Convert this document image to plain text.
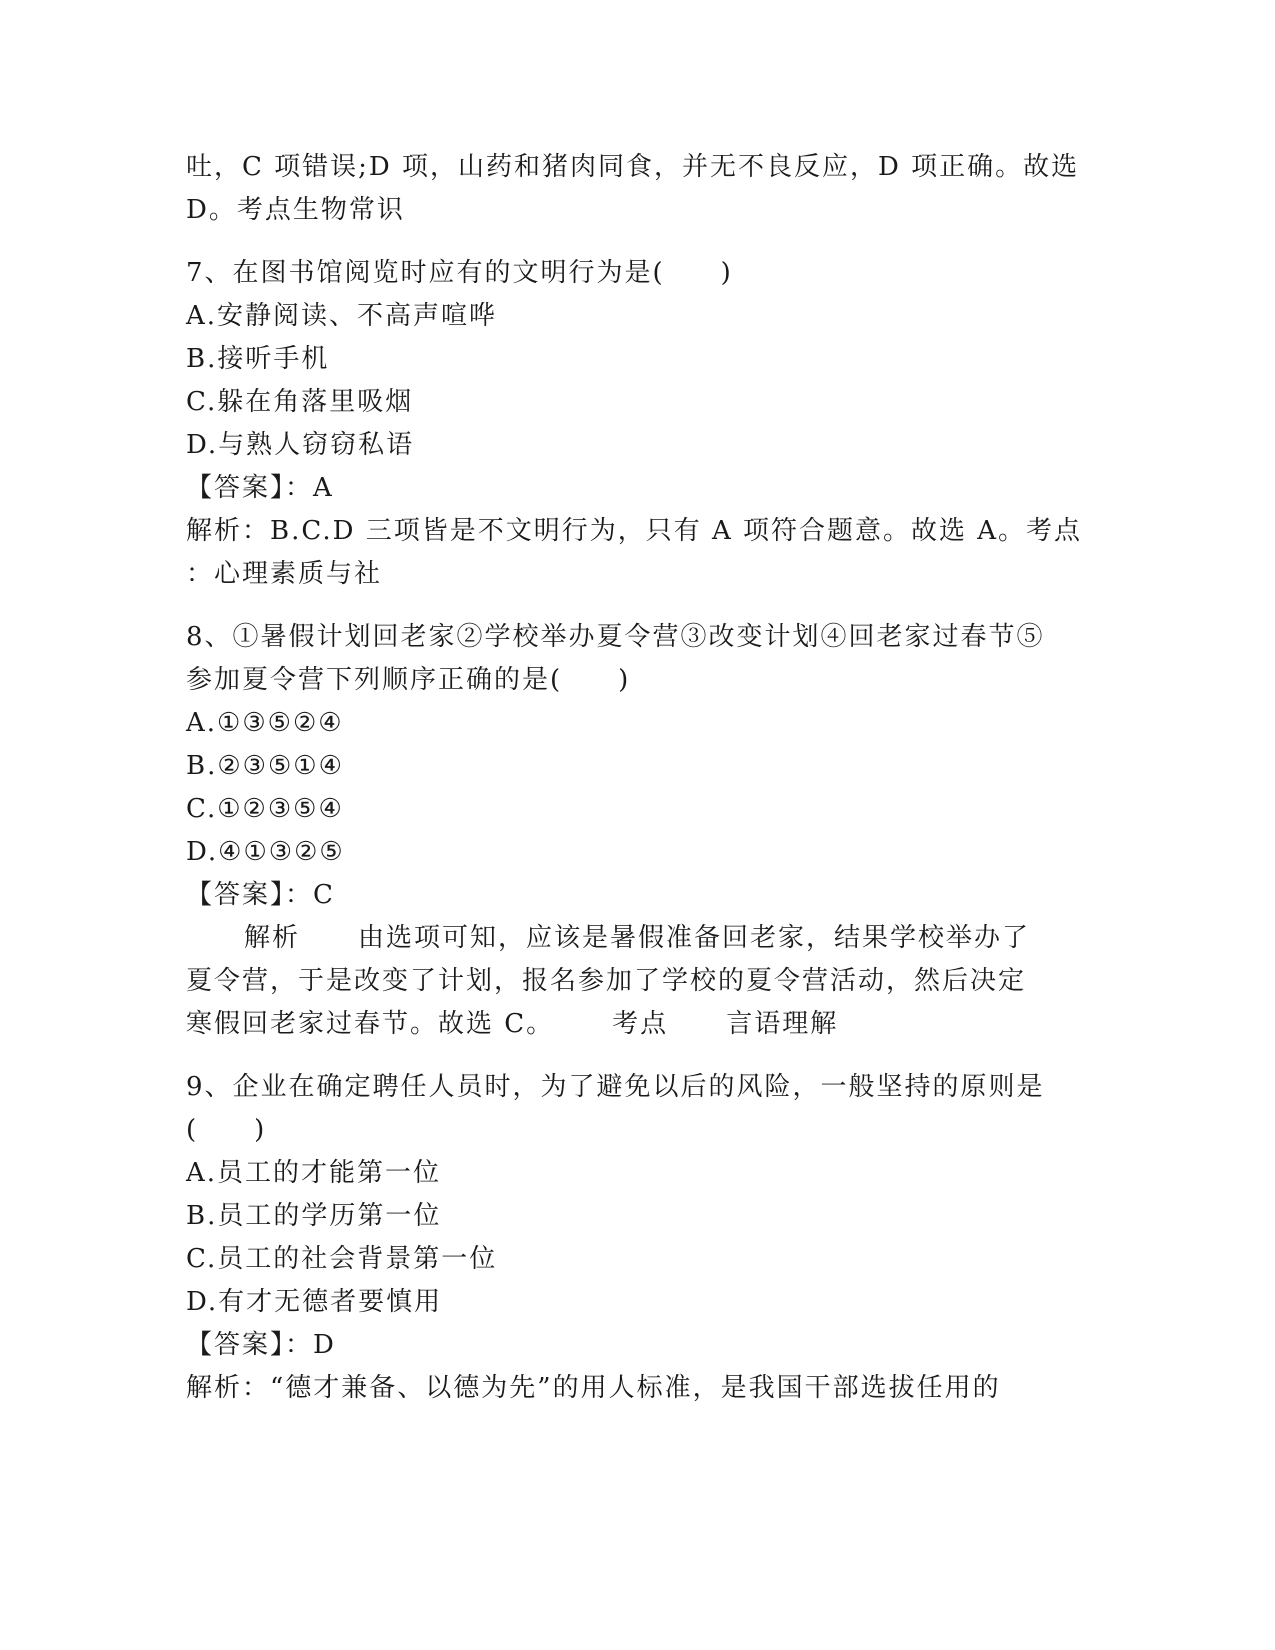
吐，C 项错误;D 项，山药和猪肉同食，并无不良反应，D 项正确。故选
D。考点生物常识
7、在图书馆阅览时应有的文明行为是(　　)
A.安静阅读、不高声喧哗
B.接听手机
C.躲在角落里吸烟
D.与熟人窃窃私语
【答案】：A
解析：B.C.D 三项皆是不文明行为，只有 A 项符合题意。故选 A。考点
：心理素质与社
8、①暑假计划回老家②学校举办夏令营③改变计划④回老家过春节⑤
参加夏令营下列顺序正确的是(　　)
A.①③⑤②④
B.②③⑤①④
C.①②③⑤④
D.④①③②⑤
【答案】：C
解析 由选项可知，应该是暑假准备回老家，结果学校举办了
夏令营，于是改变了计划，报名参加了学校的夏令营活动，然后决定
寒假回老家过春节。故选 C。 考点 言语理解
9、企业在确定聘任人员时，为了避免以后的风险，一般坚持的原则是
(　　)
A.员工的才能第一位
B.员工的学历第一位
C.员工的社会背景第一位
D.有才无德者要慎用
【答案】：D
解析：“德才兼备、以德为先”的用人标准，是我国干部选拔任用的
